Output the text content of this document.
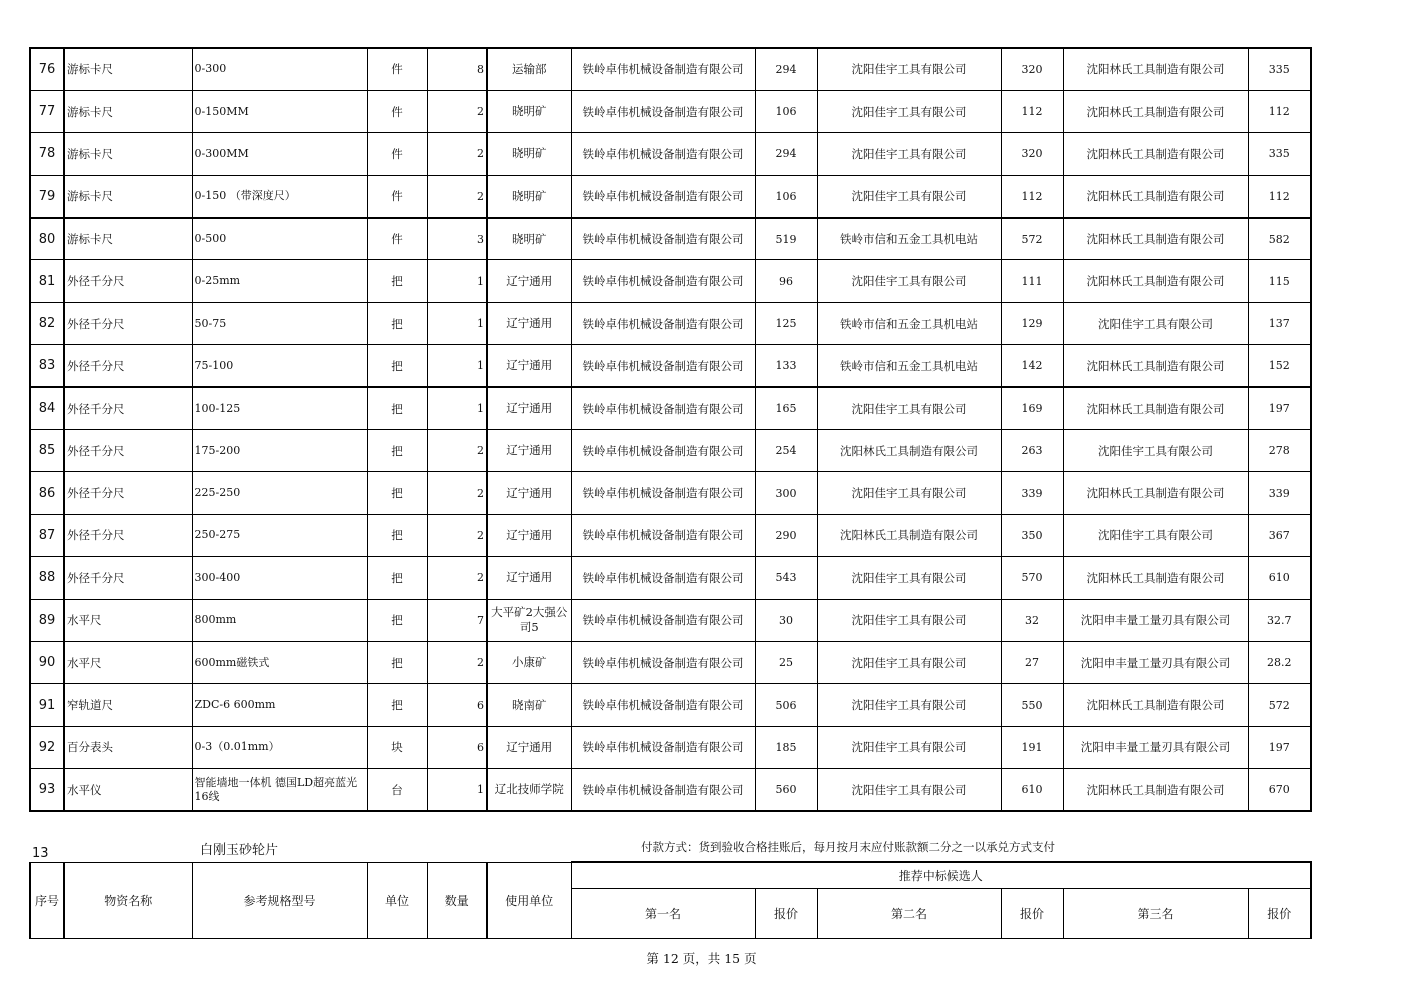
76	游标卡尺	0-300	件	8	运输部	铁岭卓伟机械设备制造有限公司	294	沈阳佳宇工具有限公司	320	沈阳林氏工具制造有限公司	335
77	游标卡尺	0-150MM	件	2	晓明矿	铁岭卓伟机械设备制造有限公司	106	沈阳佳宇工具有限公司	112	沈阳林氏工具制造有限公司	112
78	游标卡尺	0-300MM	件	2	晓明矿	铁岭卓伟机械设备制造有限公司	294	沈阳佳宇工具有限公司	320	沈阳林氏工具制造有限公司	335
79	游标卡尺	0-150 （带深度尺）	件	2	晓明矿	铁岭卓伟机械设备制造有限公司	106	沈阳佳宇工具有限公司	112	沈阳林氏工具制造有限公司	112
80	游标卡尺	0-500	件	3	晓明矿	铁岭卓伟机械设备制造有限公司	519	铁岭市信和五金工具机电站	572	沈阳林氏工具制造有限公司	582
81	外径千分尺	0-25mm	把	1	辽宁通用	铁岭卓伟机械设备制造有限公司	96	沈阳佳宇工具有限公司	111	沈阳林氏工具制造有限公司	115
82	外径千分尺	50-75	把	1	辽宁通用	铁岭卓伟机械设备制造有限公司	125	铁岭市信和五金工具机电站	129	沈阳佳宇工具有限公司	137
83	外径千分尺	75-100	把	1	辽宁通用	铁岭卓伟机械设备制造有限公司	133	铁岭市信和五金工具机电站	142	沈阳林氏工具制造有限公司	152
84	外径千分尺	100-125	把	1	辽宁通用	铁岭卓伟机械设备制造有限公司	165	沈阳佳宇工具有限公司	169	沈阳林氏工具制造有限公司	197
85	外径千分尺	175-200	把	2	辽宁通用	铁岭卓伟机械设备制造有限公司	254	沈阳林氏工具制造有限公司	263	沈阳佳宇工具有限公司	278
86	外径千分尺	225-250	把	2	辽宁通用	铁岭卓伟机械设备制造有限公司	300	沈阳佳宇工具有限公司	339	沈阳林氏工具制造有限公司	339
87	外径千分尺	250-275	把	2	辽宁通用	铁岭卓伟机械设备制造有限公司	290	沈阳林氏工具制造有限公司	350	沈阳佳宇工具有限公司	367
88	外径千分尺	300-400	把	2	辽宁通用	铁岭卓伟机械设备制造有限公司	543	沈阳佳宇工具有限公司	570	沈阳林氏工具制造有限公司	610
89	水平尺	800mm	把	7	大平矿2大强公司5	铁岭卓伟机械设备制造有限公司	30	沈阳佳宇工具有限公司	32	沈阳申丰量工量刃具有限公司	32.7
90	水平尺	600mm磁铁式	把	2	小康矿	铁岭卓伟机械设备制造有限公司	25	沈阳佳宇工具有限公司	27	沈阳申丰量工量刃具有限公司	28.2
91	窄轨道尺	ZDC-6 600mm	把	6	晓南矿	铁岭卓伟机械设备制造有限公司	506	沈阳佳宇工具有限公司	550	沈阳林氏工具制造有限公司	572
92	百分表头	0-3（0.01mm）	块	6	辽宁通用	铁岭卓伟机械设备制造有限公司	185	沈阳佳宇工具有限公司	191	沈阳申丰量工量刃具有限公司	197
93	水平仪	智能墙地一体机 德国LD超亮蓝光16线	台	1	辽北技师学院	铁岭卓伟机械设备制造有限公司	560	沈阳佳宇工具有限公司	610	沈阳林氏工具制造有限公司	670
13	白刚玉砂轮片	付款方式：货到验收合格挂账后，每月按月末应付账款额二分之一以承兑方式支付
序号	物资名称	参考规格型号	单位	数量	使用单位	推荐中标候选人					
						第一名	报价	第二名	报价	第三名	报价
第 12 页，共 15 页
